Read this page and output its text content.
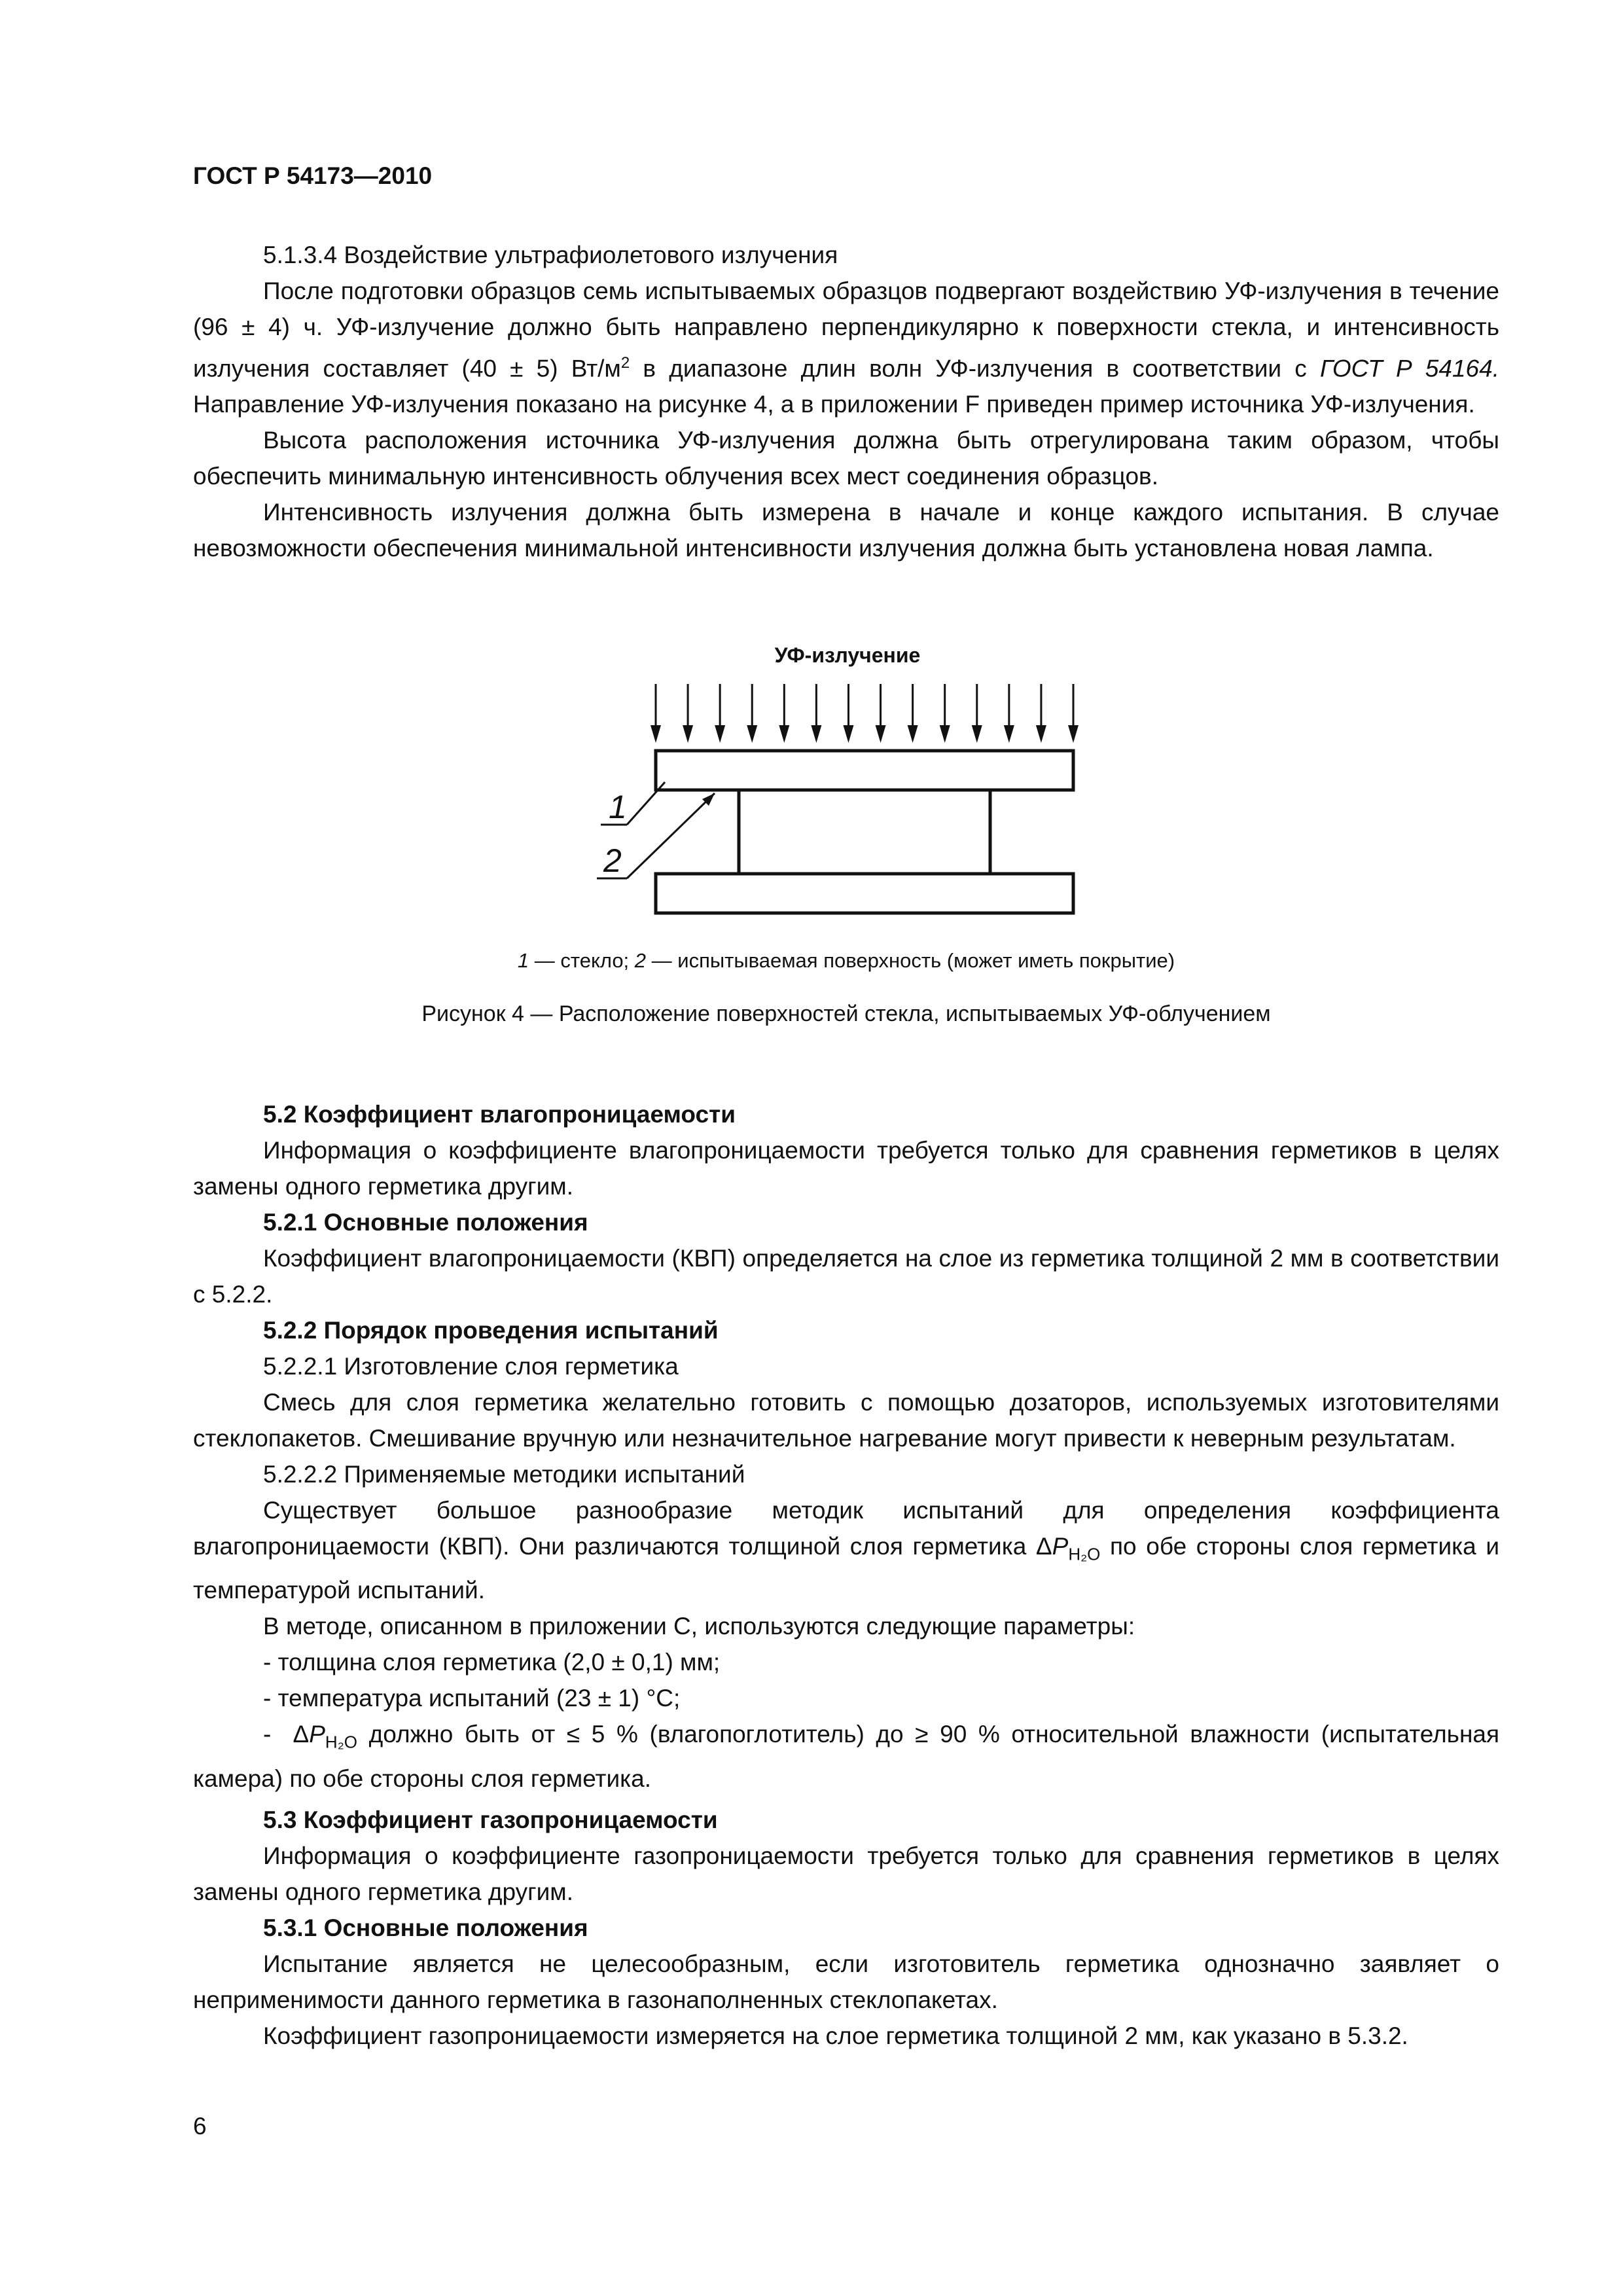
ГОСТ Р 54173—2010

5.1.3.4 Воздействие ультрафиолетового излучения

После подготовки образцов семь испытываемых образцов подвергают воздействию УФ-излучения в течение (96 ± 4) ч. УФ-излучение должно быть направлено перпендикулярно к поверхности стекла, и интенсивность излучения составляет (40 ± 5) $Вт/м^2$ в диапазоне длин волн УФ-излучения в соответствии с ГОСТ Р 54164. Направление УФ-излучения показано на рисунке 4, а в приложении F приведен пример источника УФ-излучения.

Высота расположения источника УФ-излучения должна быть отрегулирована таким образом, чтобы обеспечить минимальную интенсивность облучения всех мест соединения образцов.

Интенсивность излучения должна быть измерена в начале и конце каждого испытания. В случае невозможности обеспечения минимальной интенсивности излучения должна быть установлена новая лампа.

УФ-излучение
1
2
1 — стекло; 2 — испытываемая поверхность (может иметь покрытие)
Рисунок 4 — Расположение поверхностей стекла, испытываемых УФ-облучением

5.2 Коэффициент влагопроницаемости

Информация о коэффициенте влагопроницаемости требуется только для сравнения герметиков в целях замены одного герметика другим.

5.2.1 Основные положения

Коэффициент влагопроницаемости (КВП) определяется на слое из герметика толщиной 2 мм в соответствии с 5.2.2.

5.2.2 Порядок проведения испытаний

5.2.2.1 Изготовление слоя герметика

Смесь для слоя герметика желательно готовить с помощью дозаторов, используемых изготовителями стеклопакетов. Смешивание вручную или незначительное нагревание могут привести к неверным результатам.

5.2.2.2 Применяемые методики испытаний

Существует большое разнообразие методик испытаний для определения коэффициента влагопроницаемости (КВП). Они различаются толщиной слоя герметика $\Delta P_{H_2O}$ по обе стороны слоя герметика и температурой испытаний.

В методе, описанном в приложении C, используются следующие параметры:

- толщина слоя герметика (2,0 ± 0,1) мм;

- температура испытаний (23 ± 1) °С;

-  $\Delta P_{H_2O}$ должно быть от ≤ 5 % (влагопоглотитель) до ≥ 90 % относительной влажности (испытательная камера) по обе стороны слоя герметика.

5.3 Коэффициент газопроницаемости

Информация о коэффициенте газопроницаемости требуется только для сравнения герметиков в целях замены одного герметика другим.

5.3.1 Основные положения

Испытание является не целесообразным, если изготовитель герметика однозначно заявляет о неприменимости данного герметика в газонаполненных стеклопакетах.

Коэффициент газопроницаемости измеряется на слое герметика толщиной 2 мм, как указано в 5.3.2.

6
